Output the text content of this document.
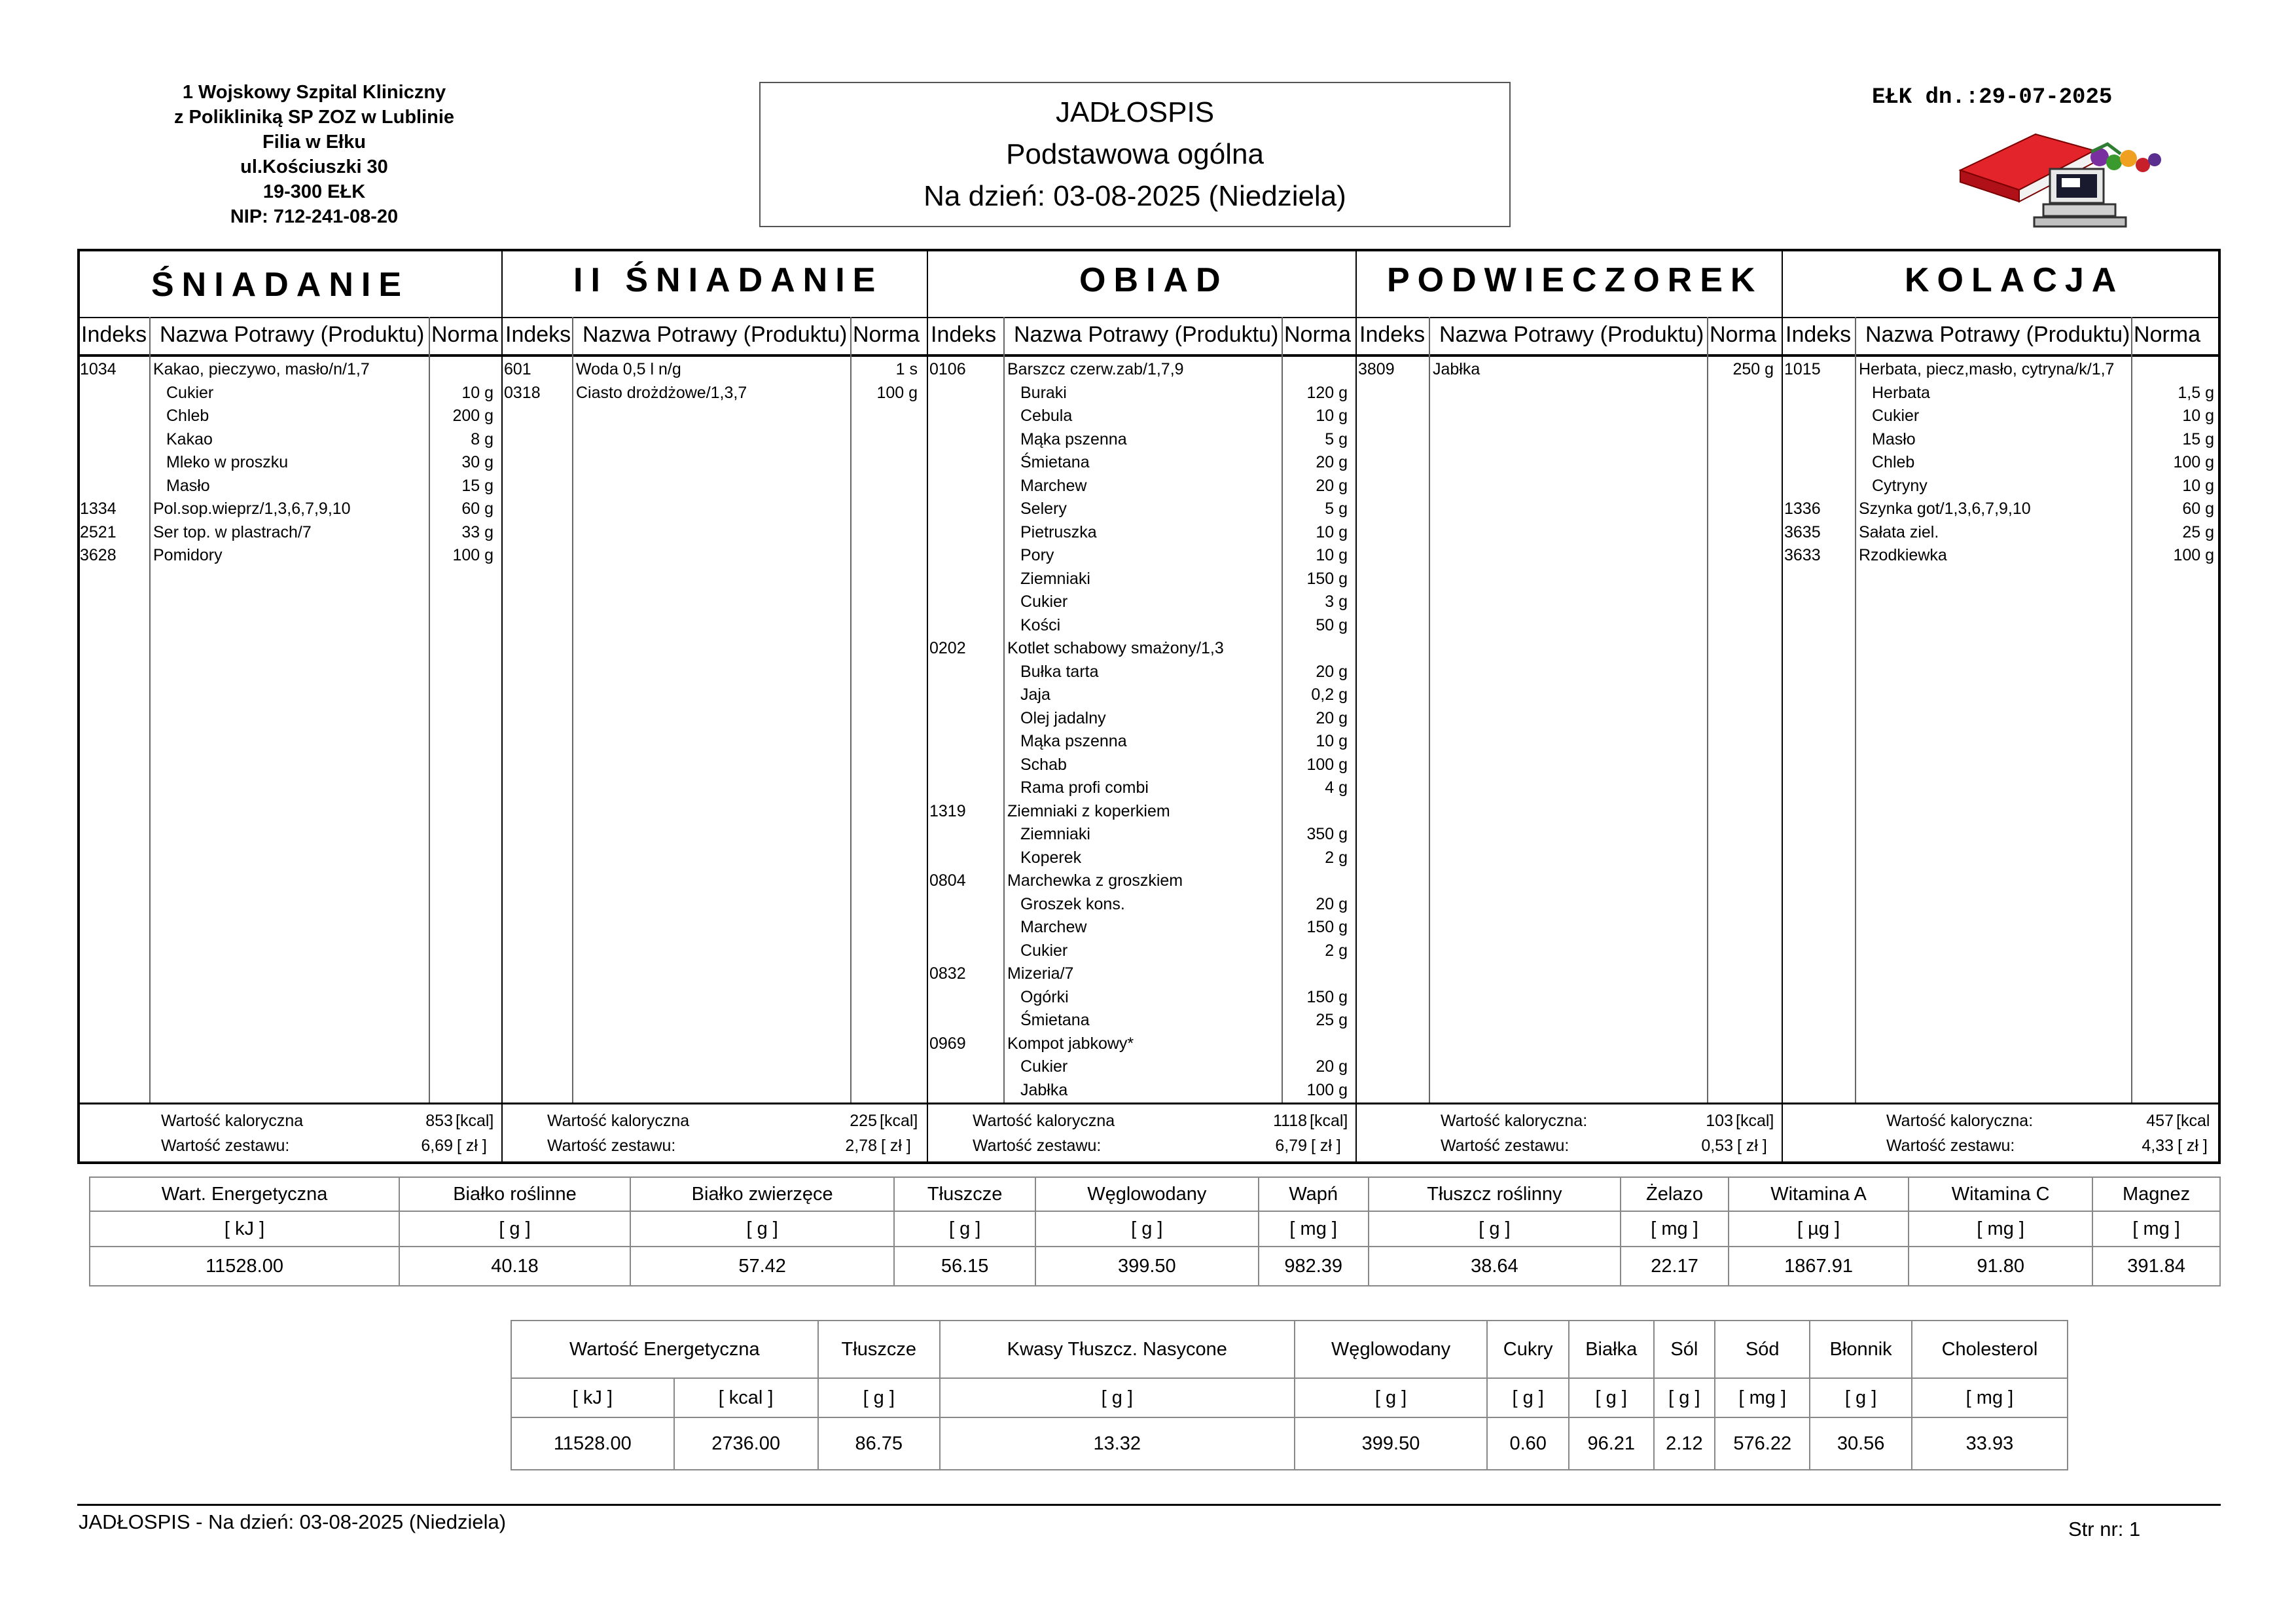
1 Wojskowy Szpital Kliniczny
z Polikliniką SP ZOZ w Lublinie
Filia w Ełku
ul.Kościuszki 30
19-300 EŁK
NIP: 712-241-08-20
JADŁOSPIS
Podstawowa ogólna
Na dzień: 03-08-2025 (Niedziela)
EŁK dn.:29-07-2025
ŚNIADANIE
Indeks Nazwa Potrawy (Produktu) Norma
1034 Kakao, pieczywo, masło/n/1,7
Cukier	10 g
Chleb	200 g
Kakao	8 g
Mleko w proszku	30 g
Masło	15 g
1334 Pol.sop.wieprz/1,3,6,7,9,10	60 g
2521 Ser top. w plastrach/7	33 g
3628 Pomidory	100 g
Wartość kaloryczna	853 [kcal]
Wartość zestawu:	6,69 [ zł ]
II ŚNIADANIE
Indeks Nazwa Potrawy (Produktu) Norma
601	Woda 0,5 l n/g	1 s
0318 Ciasto drożdżowe/1,3,7	100 g
Wartość kaloryczna	225 [kcal]
Wartość zestawu:	2,78 [ zł ]
OBIAD
Indeks Nazwa Potrawy (Produktu) Norma
0106	Barszcz czerw.zab/1,7,9
Buraki	120 g
Cebula	10 g
Mąka pszenna	5 g
Śmietana	20 g
Marchew	20 g
Selery	5 g
Pietruszka	10 g
Pory	10 g
Ziemniaki	150 g
Cukier	3 g
Kości	50 g
0202	Kotlet schabowy smażony/1,3
Bułka tarta	20 g
Jaja	0,2 g
Olej jadalny	20 g
Mąka pszenna	10 g
Schab	100 g
Rama profi combi	4 g
1319	Ziemniaki z koperkiem
Ziemniaki	350 g
Koperek	2 g
0804	Marchewka z groszkiem
Groszek kons.	20 g
Marchew	150 g
Cukier	2 g
0832	Mizeria/7
Ogórki	150 g
Śmietana	25 g
0969	Kompot jabkowy*
Cukier	20 g
Jabłka	100 g
Wartość kaloryczna	1118 [kcal]
Wartość zestawu:	6,79 [ zł ]
PODWIECZOREK
Indeks Nazwa Potrawy (Produktu) Norma
3809 Jabłka	250 g
Wartość kaloryczna:	103 [kcal]
Wartość zestawu:	0,53 [ zł ]
KOLACJA
Indeks Nazwa Potrawy (Produktu) Norma
1015 Herbata, piecz,masło, cytryna/k/1,7
Herbata	1,5 g
Cukier	10 g
Masło	15 g
Chleb	100 g
Cytryny	10 g
1336 Szynka got/1,3,6,7,9,10	60 g
3635 Sałata ziel.	25 g
3633 Rzodkiewka	100 g
Wartość kaloryczna:	457 [kcal
Wartość zestawu:	4,33 [ zł ]
Wart. Energetyczna	Białko roślinne	Białko zwierzęce	Tłuszcze	Węglowodany	Wapń	Tłuszcz roślinny	Żelazo	Witamina A	Witamina C	Magnez
[ kJ ]	[ g ]	[ g ]	[ g ]	[ g ]	[ mg ]	[ g ]	[ mg ]	[ µg ]	[ mg ]	[ mg ]
11528.00	40.18	57.42	56.15	399.50	982.39	38.64	22.17	1867.91	91.80	391.84
Wartość Energetyczna		Tłuszcze	Kwasy Tłuszcz. Nasycone	Węglowodany	Cukry	Białka	Sól	Sód	Błonnik	Cholesterol
[ kJ ]	[ kcal ]	[ g ]	[ g ]	[ g ]	[ g ]	[ g ]	[ g ]	[ mg ]	[ g ]	[ mg ]
11528.00	2736.00	86.75	13.32	399.50	0.60	96.21	2.12	576.22	30.56	33.93
JADŁOSPIS - Na dzień: 03-08-2025 (Niedziela)	Str nr: 1
